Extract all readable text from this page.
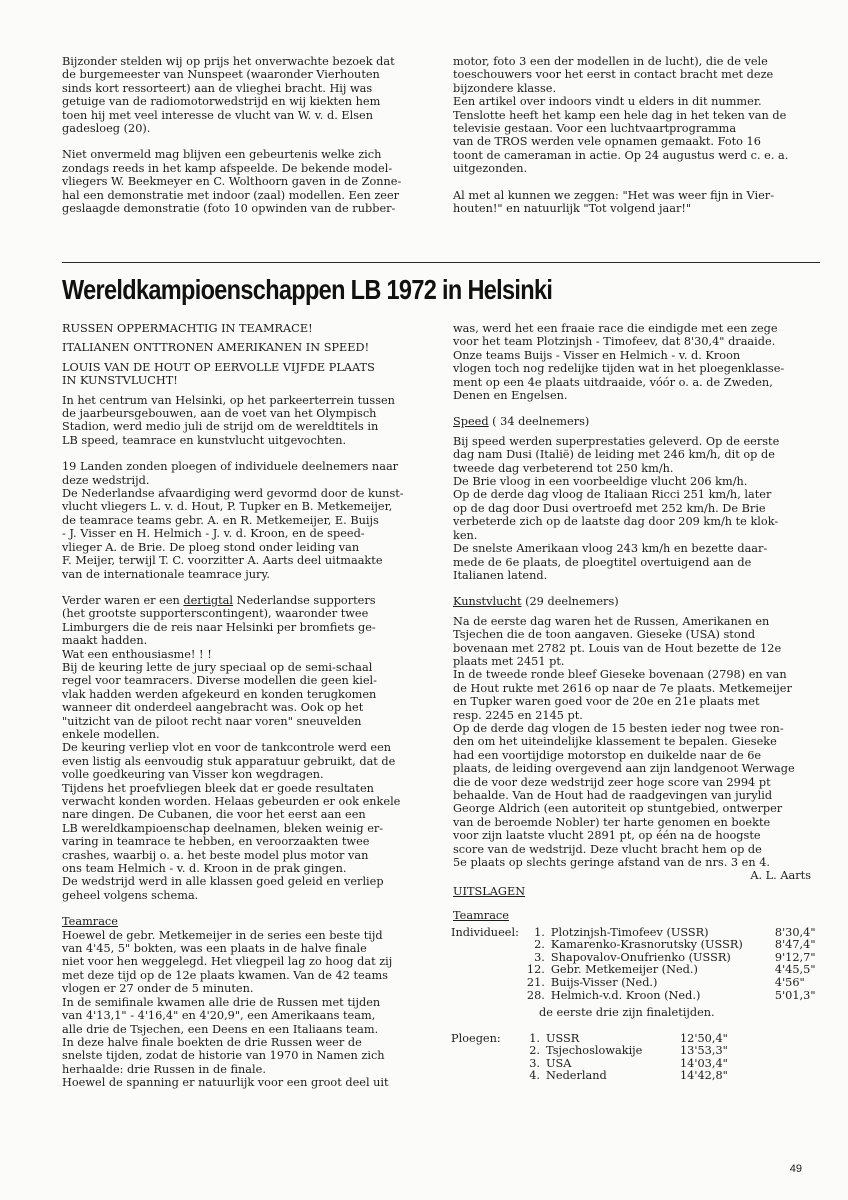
Bijzonder stelden wij op prijs het onverwachte bezoek dat
de burgemeester van Nunspeet (waaronder Vierhouten
sinds kort ressorteert) aan de vlieghei bracht. Hij was
getuige van de radiomotorwedstrijd en wij kiekten hem
toen hij met veel interesse de vlucht van W. v. d. Elsen
gadesloeg (20).

Niet onvermeld mag blijven een gebeurtenis welke zich
zondags reeds in het kamp afspeelde. De bekende model-
vliegers W. Beekmeyer en C. Wolthoorn gaven in de Zonne-
hal een demonstratie met indoor (zaal) modellen. Een zeer
geslaagde demonstratie (foto 10 opwinden van de rubber-

motor, foto 3 een der modellen in de lucht), die de vele
toeschouwers voor het eerst in contact bracht met deze
bijzondere klasse.
Een artikel over indoors vindt u elders in dit nummer.
Tenslotte heeft het kamp een hele dag in het teken van de
televisie gestaan. Voor een luchtvaartprogramma
van de TROS werden vele opnamen gemaakt. Foto 16
toont de cameraman in actie. Op 24 augustus werd c. e. a.
uitgezonden.

Al met al kunnen we zeggen: "Het was weer fijn in Vier-
houten!" en natuurlijk "Tot volgend jaar!"

Wereldkampioenschappen LB 1972 in Helsinki

RUSSEN OPPERMACHTIG IN TEAMRACE!

ITALIANEN ONTTRONEN AMERIKANEN IN SPEED!

LOUIS VAN DE HOUT OP EERVOLLE VIJFDE PLAATS
IN KUNSTVLUCHT!

In het centrum van Helsinki, op het parkeerterrein tussen
de jaarbeursgebouwen, aan de voet van het Olympisch
Stadion, werd medio juli de strijd om de wereldtitels in
LB speed, teamrace en kunstvlucht uitgevochten.

19 Landen zonden ploegen of individuele deelnemers naar
deze wedstrijd.
De Nederlandse afvaardiging werd gevormd door de kunst-
vlucht vliegers L. v. d. Hout, P. Tupker en B. Metkemeijer,
de teamrace teams gebr. A. en R. Metkemeijer, E. Buijs
- J. Visser en H. Helmich - J. v. d. Kroon, en de speed-
vlieger A. de Brie. De ploeg stond onder leiding van
F. Meijer, terwijl T. C. voorzitter A. Aarts deel uitmaakte
van de internationale teamrace jury.

Verder waren er een dertigtal Nederlandse supporters
(het grootste supporterscontingent), waaronder twee
Limburgers die de reis naar Helsinki per bromfiets ge-
maakt hadden.
Wat een enthousiasme! ! !
Bij de keuring lette de jury speciaal op de semi-schaal
regel voor teamracers. Diverse modellen die geen kiel-
vlak hadden werden afgekeurd en konden terugkomen
wanneer dit onderdeel aangebracht was. Ook op het
"uitzicht van de piloot recht naar voren" sneuvelden
enkele modellen.
De keuring verliep vlot en voor de tankcontrole werd een
even listig als eenvoudig stuk apparatuur gebruikt, dat de
volle goedkeuring van Visser kon wegdragen.
Tijdens het proefvliegen bleek dat er goede resultaten
verwacht konden worden. Helaas gebeurden er ook enkele
nare dingen. De Cubanen, die voor het eerst aan een
LB wereldkampioenschap deelnamen, bleken weinig er-
varing in teamrace te hebben, en veroorzaakten twee
crashes, waarbij o. a. het beste model plus motor van
ons team Helmich - v. d. Kroon in de prak gingen.
De wedstrijd werd in alle klassen goed geleid en verliep
geheel volgens schema.

Teamrace

Hoewel de gebr. Metkemeijer in de series een beste tijd
van 4'45, 5" bokten, was een plaats in de halve finale
niet voor hen weggelegd. Het vliegpeil lag zo hoog dat zij
met deze tijd op de 12e plaats kwamen. Van de 42 teams
vlogen er 27 onder de 5 minuten.
In de semifinale kwamen alle drie de Russen met tijden
van 4'13,1" - 4'16,4" en 4'20,9", een Amerikaans team,
alle drie de Tsjechen, een Deens en een Italiaans team.
In deze halve finale boekten de drie Russen weer de
snelste tijden, zodat de historie van 1970 in Namen zich
herhaalde: drie Russen in de finale.
Hoewel de spanning er natuurlijk voor een groot deel uit

was, werd het een fraaie race die eindigde met een zege
voor het team Plotzinjsh - Timofeev, dat 8'30,4" draaide.
Onze teams Buijs - Visser en Helmich - v. d. Kroon
vlogen toch nog redelijke tijden wat in het ploegenklasse-
ment op een 4e plaats uitdraaide, vóór o. a. de Zweden,
Denen en Engelsen.

Speed ( 34 deelnemers)

Bij speed werden superprestaties geleverd. Op de eerste
dag nam Dusi (Italië) de leiding met 246 km/h, dit op de
tweede dag verbeterend tot 250 km/h.
De Brie vloog in een voorbeeldige vlucht 206 km/h.
Op de derde dag vloog de Italiaan Ricci 251 km/h, later
op de dag door Dusi overtroefd met 252 km/h. De Brie
verbeterde zich op de laatste dag door 209 km/h te klok-
ken.
De snelste Amerikaan vloog 243 km/h en bezette daar-
mede de 6e plaats, de ploegtitel overtuigend aan de
Italianen latend.

Kunstvlucht (29 deelnemers)

Na de eerste dag waren het de Russen, Amerikanen en
Tsjechen die de toon aangaven. Gieseke (USA) stond
bovenaan met 2782 pt. Louis van de Hout bezette de 12e
plaats met 2451 pt.
In de tweede ronde bleef Gieseke bovenaan (2798) en van
de Hout rukte met 2616 op naar de 7e plaats. Metkemeijer
en Tupker waren goed voor de 20e en 21e plaats met
resp. 2245 en 2145 pt.
Op de derde dag vlogen de 15 besten ieder nog twee ron-
den om het uiteindelijke klassement te bepalen. Gieseke
had een voortijdige motorstop en duikelde naar de 6e
plaats, de leiding overgevend aan zijn landgenoot Werwage
die de voor deze wedstrijd zeer hoge score van 2994 pt
behaalde. Van de Hout had de raadgevingen van jurylid
George Aldrich (een autoriteit op stuntgebied, ontwerper
van de beroemde Nobler) ter harte genomen en boekte
voor zijn laatste vlucht 2891 pt, op één na de hoogste
score van de wedstrijd. Deze vlucht bracht hem op de
5e plaats op slechts geringe afstand van de nrs. 3 en 4.

A. L. Aarts

UITSLAGEN

Teamrace

Individueel:	1.	Plotzinjsh-Timofeev (USSR)	8'30,4"
	2.	Kamarenko-Krasnorutsky (USSR)	8'47,4"
	3.	Shapovalov-Onufrienko (USSR)	9'12,7"
	12.	Gebr. Metkemeijer (Ned.)	4'45,5"
	21.	Buijs-Visser (Ned.)	4'56"
	28.	Helmich-v.d. Kroon (Ned.)	5'01,3"

de eerste drie zijn finaletijden.

Ploegen:	1.	USSR	12'50,4"
	2.	Tsjechoslowakije	13'53,3"
	3.	USA	14'03,4"
	4.	Nederland	14'42,8"
49
